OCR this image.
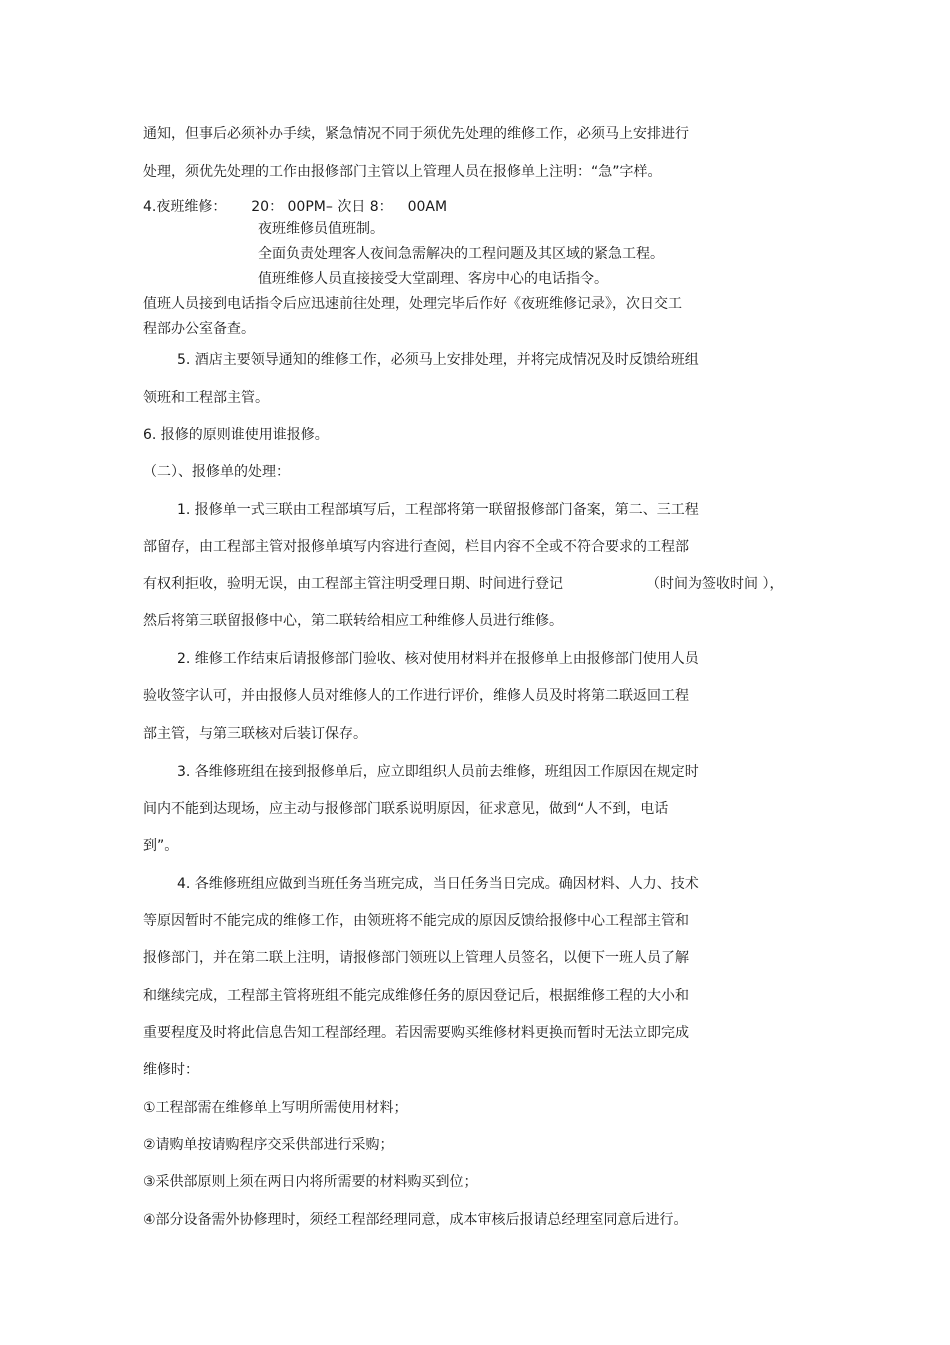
通知，但事后必须补办手续，紧急情况不同于须优先处理的维修工作，必须马上安排进行
处理，须优先处理的工作由报修部门主管以上管理人员在报修单上注明：“急”字样。
4.夜班维修： 20： 00PM– 次日 8： 00AM
夜班维修员值班制。
全面负责处理客人夜间急需解决的工程问题及其区域的紧急工程。
值班维修人员直接接受大堂副理、客房中心的电话指令。
值班人员接到电话指令后应迅速前往处理，处理完毕后作好《夜班维修记录》，次日交工
程部办公室备查。
5. 酒店主要领导通知的维修工作，必须马上安排处理，并将完成情况及时反馈给班组
领班和工程部主管。
6. 报修的原则谁使用谁报修。
（二）、报修单的处理：
1. 报修单一式三联由工程部填写后，工程部将第一联留报修部门备案，第二、三工程
部留存，由工程部主管对报修单填写内容进行查阅，栏目内容不全或不符合要求的工程部
有权利拒收，验明无误，由工程部主管注明受理日期、时间进行登记	（时间为签收时间 ），
然后将第三联留报修中心，第二联转给相应工种维修人员进行维修。
2. 维修工作结束后请报修部门验收、核对使用材料并在报修单上由报修部门使用人员
验收签字认可，并由报修人员对维修人的工作进行评价，维修人员及时将第二联返回工程
部主管，与第三联核对后装订保存。
3. 各维修班组在接到报修单后，应立即组织人员前去维修，班组因工作原因在规定时
间内不能到达现场，应主动与报修部门联系说明原因，征求意见，做到“人不到，电话
到”。
4. 各维修班组应做到当班任务当班完成，当日任务当日完成。确因材料、人力、技术
等原因暂时不能完成的维修工作，由领班将不能完成的原因反馈给报修中心工程部主管和
报修部门，并在第二联上注明，请报修部门领班以上管理人员签名，以便下一班人员了解
和继续完成，工程部主管将班组不能完成维修任务的原因登记后，根据维修工程的大小和
重要程度及时将此信息告知工程部经理。若因需要购买维修材料更换而暂时无法立即完成
维修时：
①工程部需在维修单上写明所需使用材料；
②请购单按请购程序交采供部进行采购；
③采供部原则上须在两日内将所需要的材料购买到位；
④部分设备需外协修理时，须经工程部经理同意，成本审核后报请总经理室同意后进行。
